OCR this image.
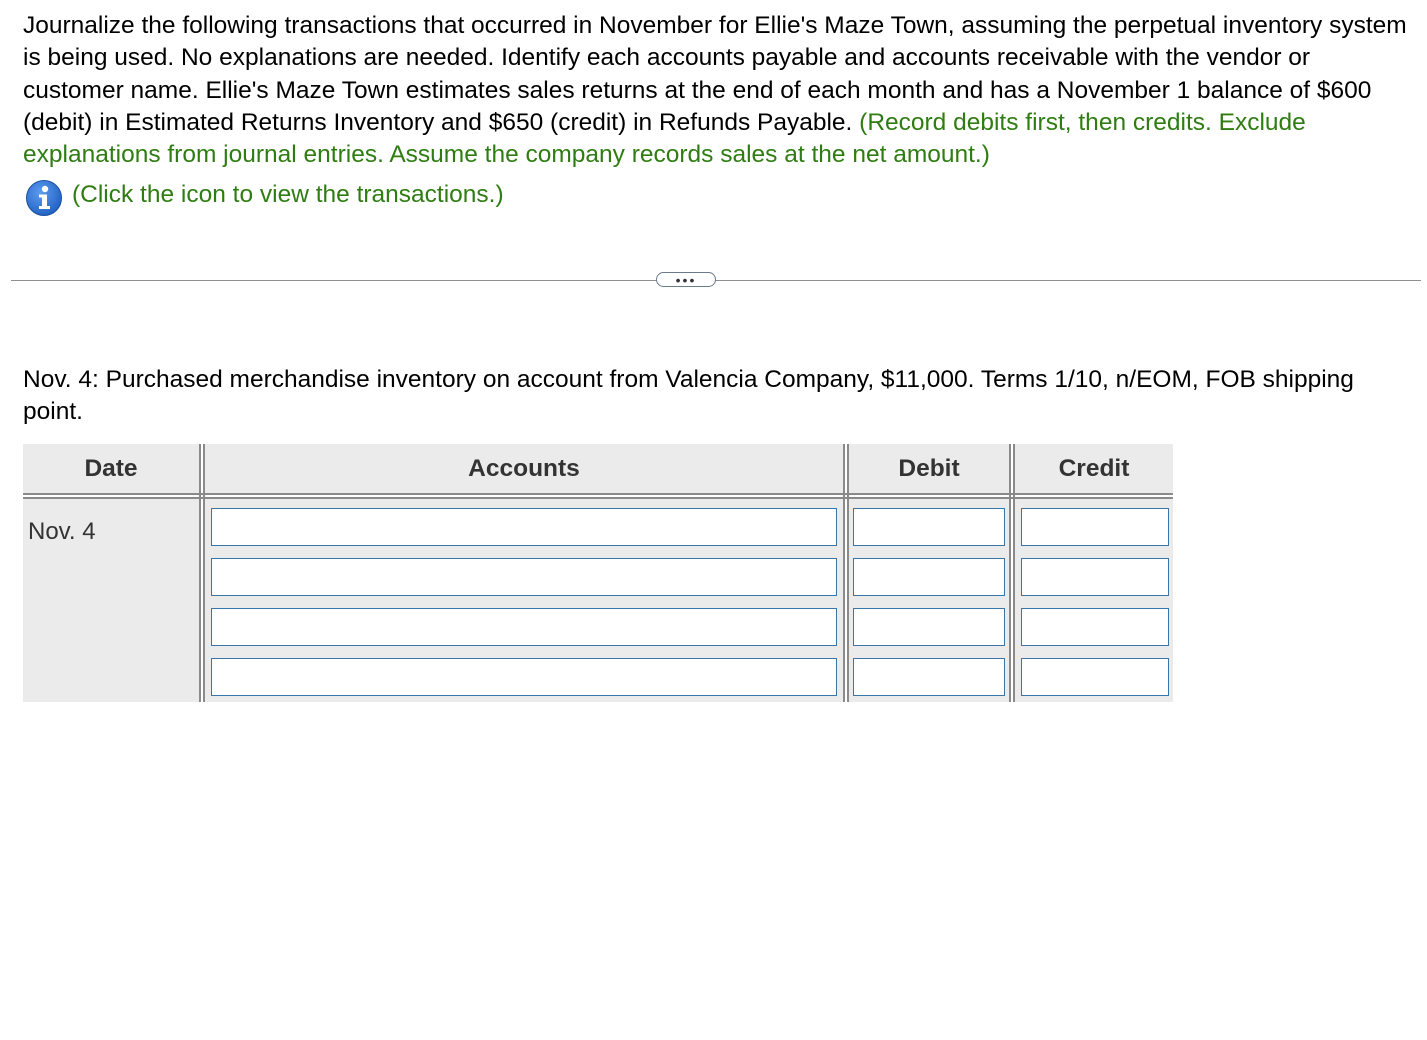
Journalize the following transactions that occurred in November for Ellie's Maze Town, assuming the perpetual inventory system is being used. No explanations are needed. Identify each accounts payable and accounts receivable with the vendor or customer name. Ellie's Maze Town estimates sales returns at the end of each month and has a November 1 balance of $600 (debit) in Estimated Returns Inventory and $650 (credit) in Refunds Payable. (Record debits first, then credits. Exclude explanations from journal entries. Assume the company records sales at the net amount.)
(Click the icon to view the transactions.)
•••
Nov. 4: Purchased merchandise inventory on account from Valencia Company, $11,000. Terms 1/10, n/EOM, FOB shipping point.
Date	Accounts	Debit	Credit
Nov. 4
